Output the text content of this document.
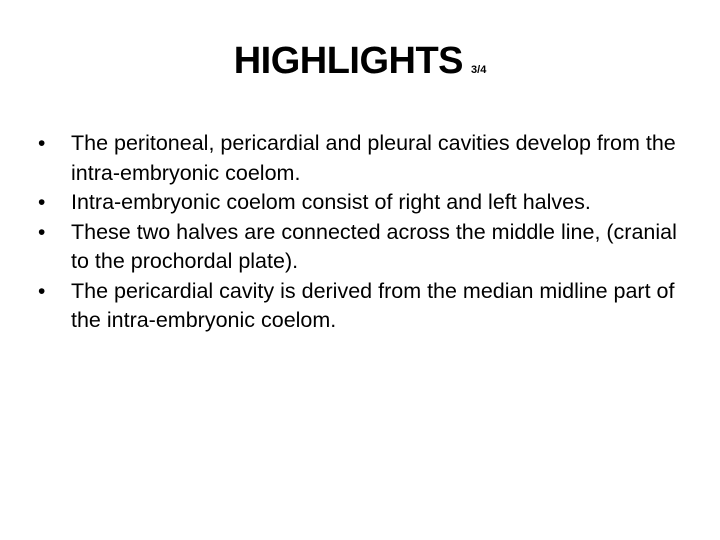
HIGHLIGHTS 3/4
• The peritoneal, pericardial and pleural cavities develop from the intra-embryonic coelom.
• Intra-embryonic coelom consist of right and left halves.
• These two halves are connected across the middle line, (cranial to the prochordal plate).
• The pericardial cavity is derived from the median midline part of the intra-embryonic coelom.
